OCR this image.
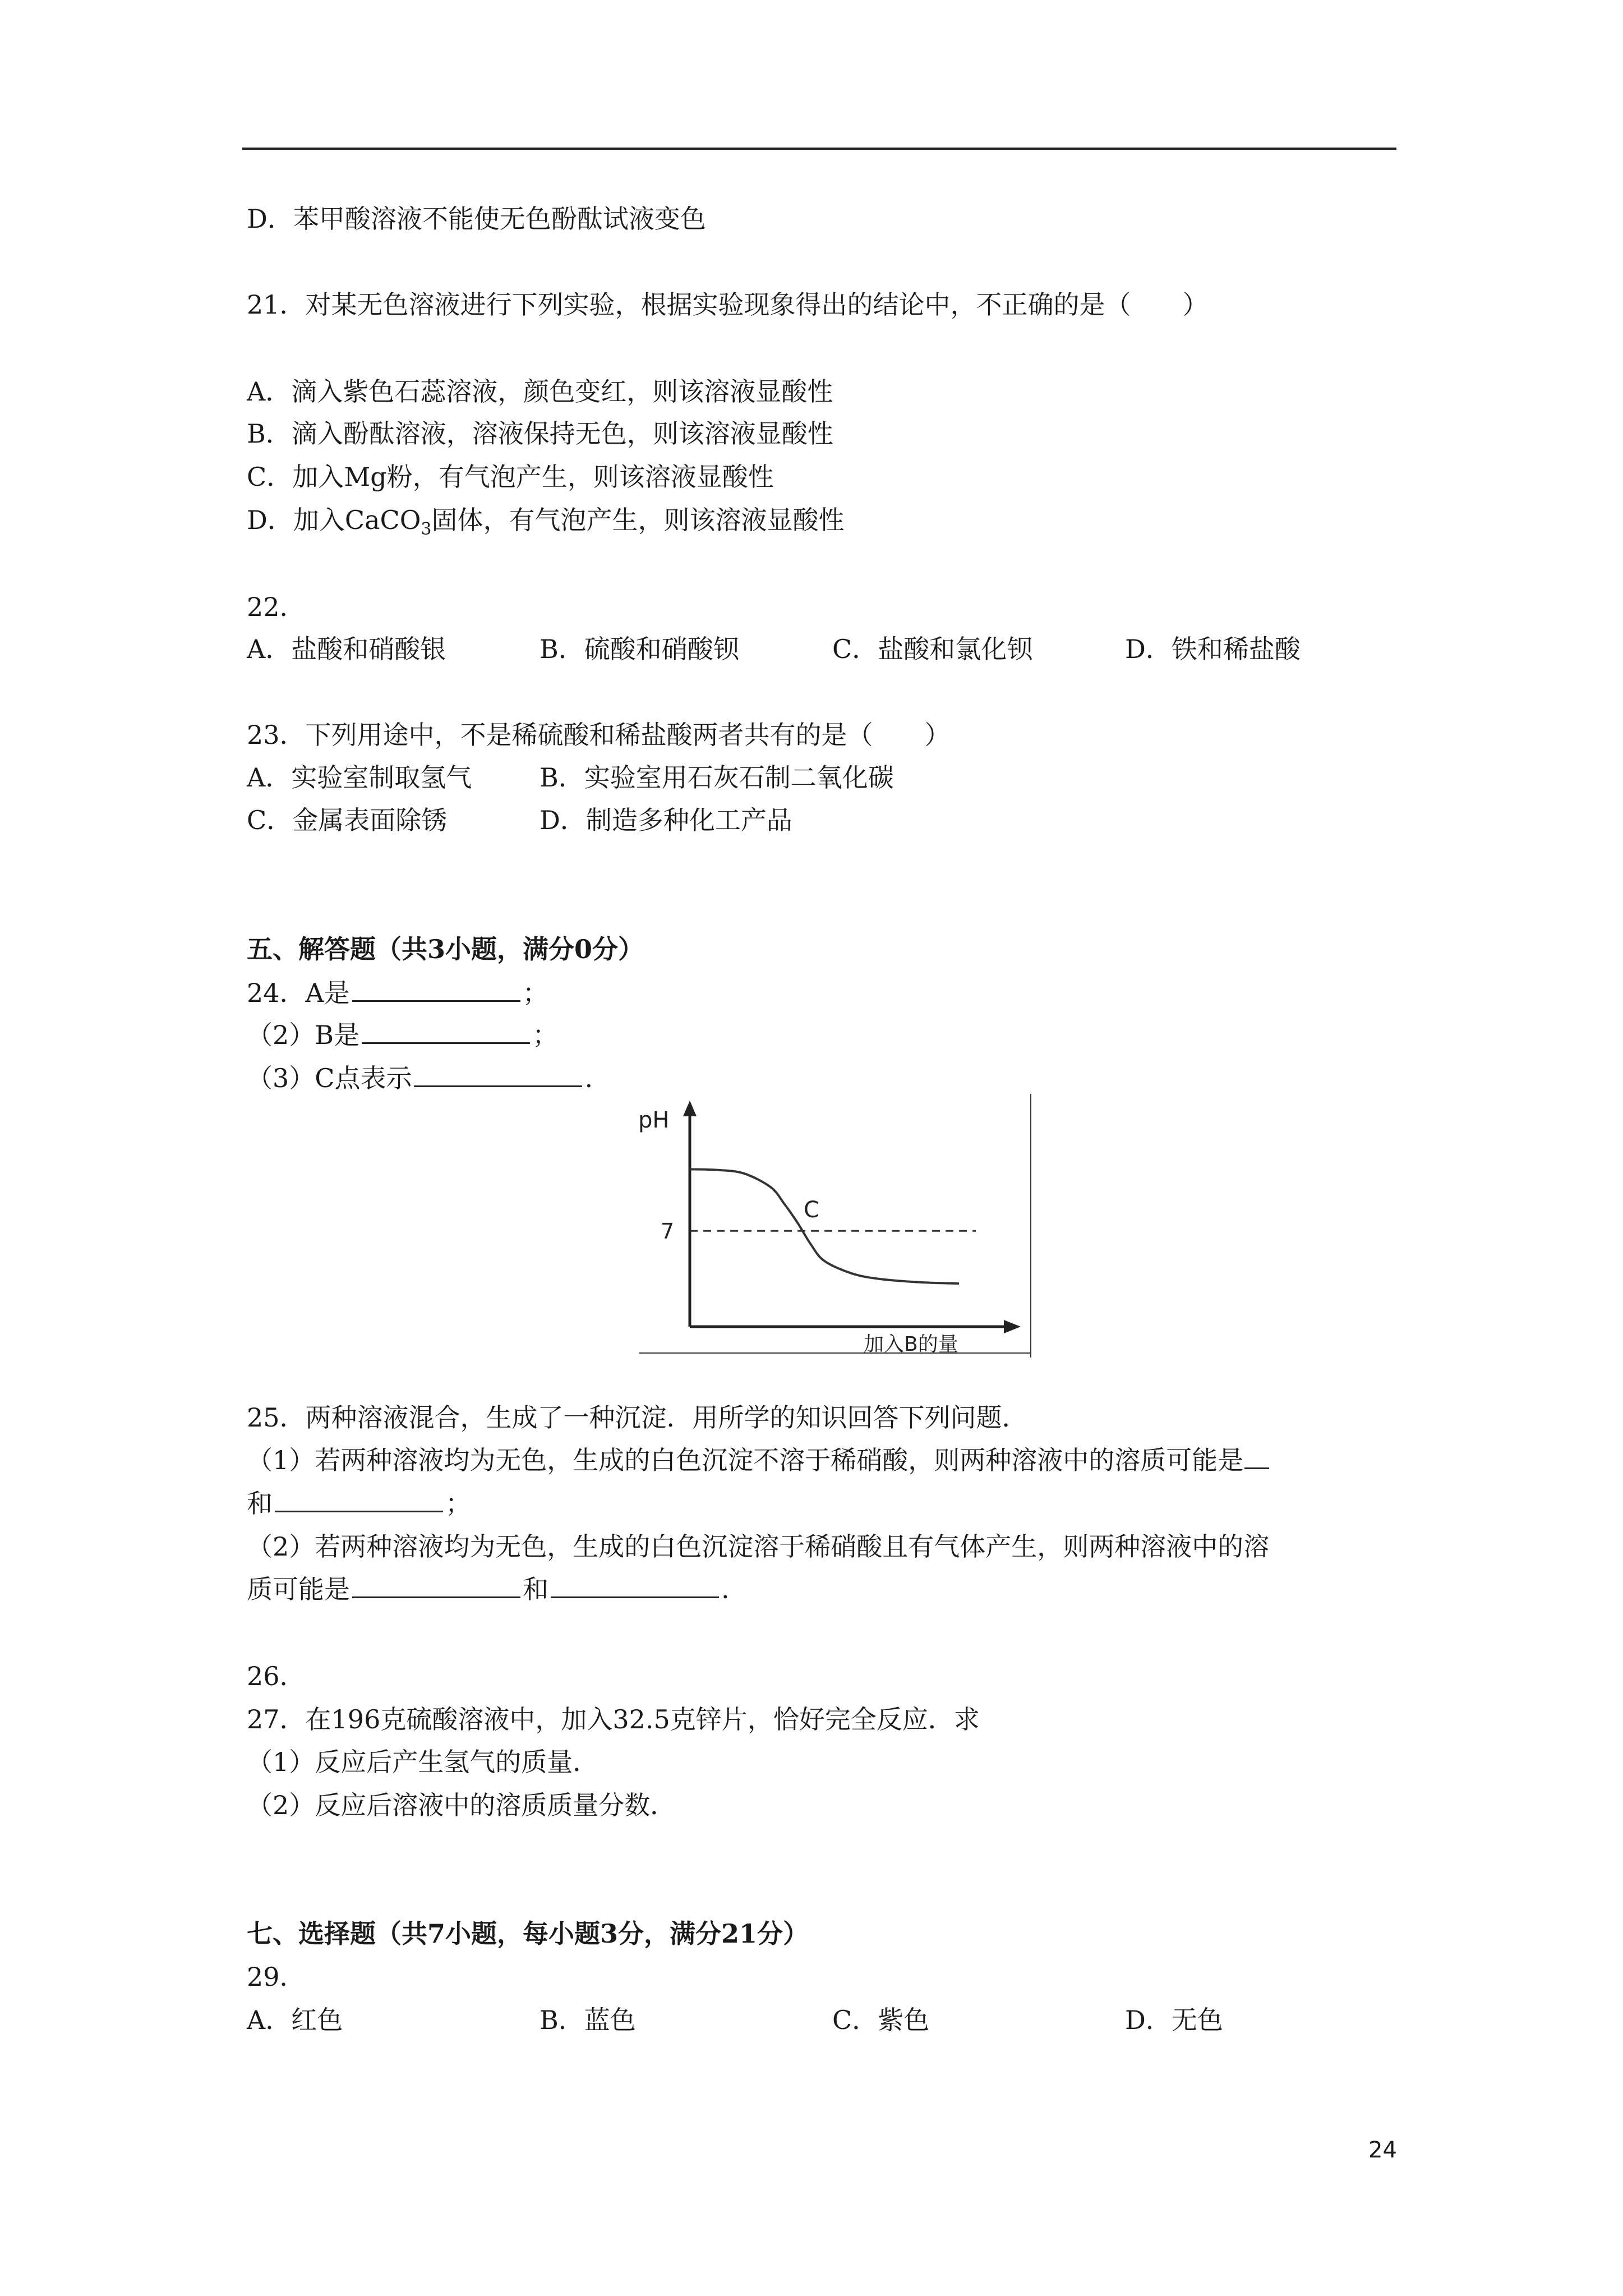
D．苯甲酸溶液不能使无色酚酞试液变色
21．对某无色溶液进行下列实验，根据实验现象得出的结论中，不正确的是（　　）
A．滴入紫色石蕊溶液，颜色变红，则该溶液显酸性
B．滴入酚酞溶液，溶液保持无色，则该溶液显酸性
C．加入Mg粉，有气泡产生，则该溶液显酸性
D．加入CaCO$_3$固体，有气泡产生，则该溶液显酸性
22．
A．盐酸和硝酸银	B．硫酸和硝酸钡	C．盐酸和氯化钡	D．铁和稀盐酸
23．下列用途中，不是稀硫酸和稀盐酸两者共有的是（　　）
A．实验室制取氢气	B．实验室用石灰石制二氧化碳
C．金属表面除锈	D．制造多种化工产品
五、解答题（共3小题，满分0分）
24．A是	；
（2）B是	；
（3）C点表示	.
pH
7
C
加入B的量
25．两种溶液混合，生成了一种沉淀．用所学的知识回答下列问题．
（1）若两种溶液均为无色，生成的白色沉淀不溶于稀硝酸，则两种溶液中的溶质可能是
和	；
（2）若两种溶液均为无色，生成的白色沉淀溶于稀硝酸且有气体产生，则两种溶液中的溶
质可能是	和	.
26．
27．在196克硫酸溶液中，加入32.5克锌片，恰好完全反应．求
（1）反应后产生氢气的质量．
（2）反应后溶液中的溶质质量分数．
七、选择题（共7小题，每小题3分，满分21分）
29．
A．红色	B．蓝色	C．紫色	D．无色
24
